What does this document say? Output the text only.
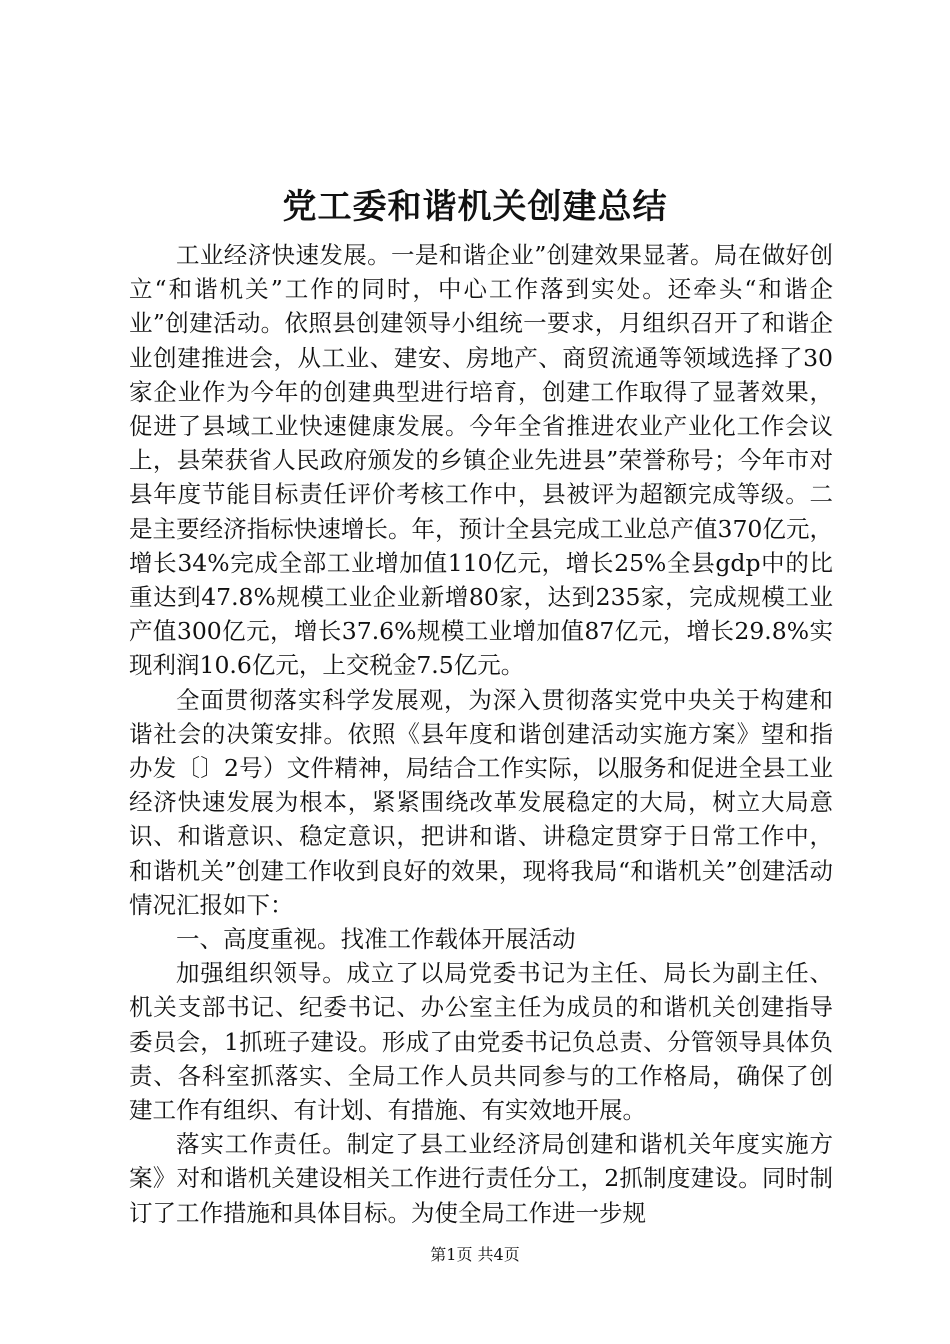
党工委和谐机关创建总结

工业经济快速发展。一是和谐企业”创建效果显著。局在做好创立“和谐机关”工作的同时，中心工作落到实处。还牵头“和谐企业”创建活动。依照县创建领导小组统一要求，月组织召开了和谐企业创建推进会，从工业、建安、房地产、商贸流通等领域选择了30家企业作为今年的创建典型进行培育，创建工作取得了显著效果，促进了县域工业快速健康发展。今年全省推进农业产业化工作会议上，县荣获省人民政府颁发的乡镇企业先进县”荣誉称号；今年市对县年度节能目标责任评价考核工作中，县被评为超额完成等级。二是主要经济指标快速增长。年，预计全县完成工业总产值370亿元，增长34%完成全部工业增加值110亿元，增长25%全县gdp中的比重达到47.8%规模工业企业新增80家，达到235家，完成规模工业产值300亿元，增长37.6%规模工业增加值87亿元，增长29.8%实现利润10.6亿元，上交税金7.5亿元。

全面贯彻落实科学发展观，为深入贯彻落实党中央关于构建和谐社会的决策安排。依照《县年度和谐创建活动实施方案》望和指办发〔〕2号）文件精神，局结合工作实际，以服务和促进全县工业经济快速发展为根本，紧紧围绕改革发展稳定的大局，树立大局意识、和谐意识、稳定意识，把讲和谐、讲稳定贯穿于日常工作中，和谐机关”创建工作收到良好的效果，现将我局“和谐机关”创建活动情况汇报如下：

一、高度重视。找准工作载体开展活动

加强组织领导。成立了以局党委书记为主任、局长为副主任、机关支部书记、纪委书记、办公室主任为成员的和谐机关创建指导委员会，1抓班子建设。形成了由党委书记负总责、分管领导具体负责、各科室抓落实、全局工作人员共同参与的工作格局，确保了创建工作有组织、有计划、有措施、有实效地开展。

落实工作责任。制定了县工业经济局创建和谐机关年度实施方案》对和谐机关建设相关工作进行责任分工，2抓制度建设。同时制订了工作措施和具体目标。为使全局工作进一步规

第1页 共4页
